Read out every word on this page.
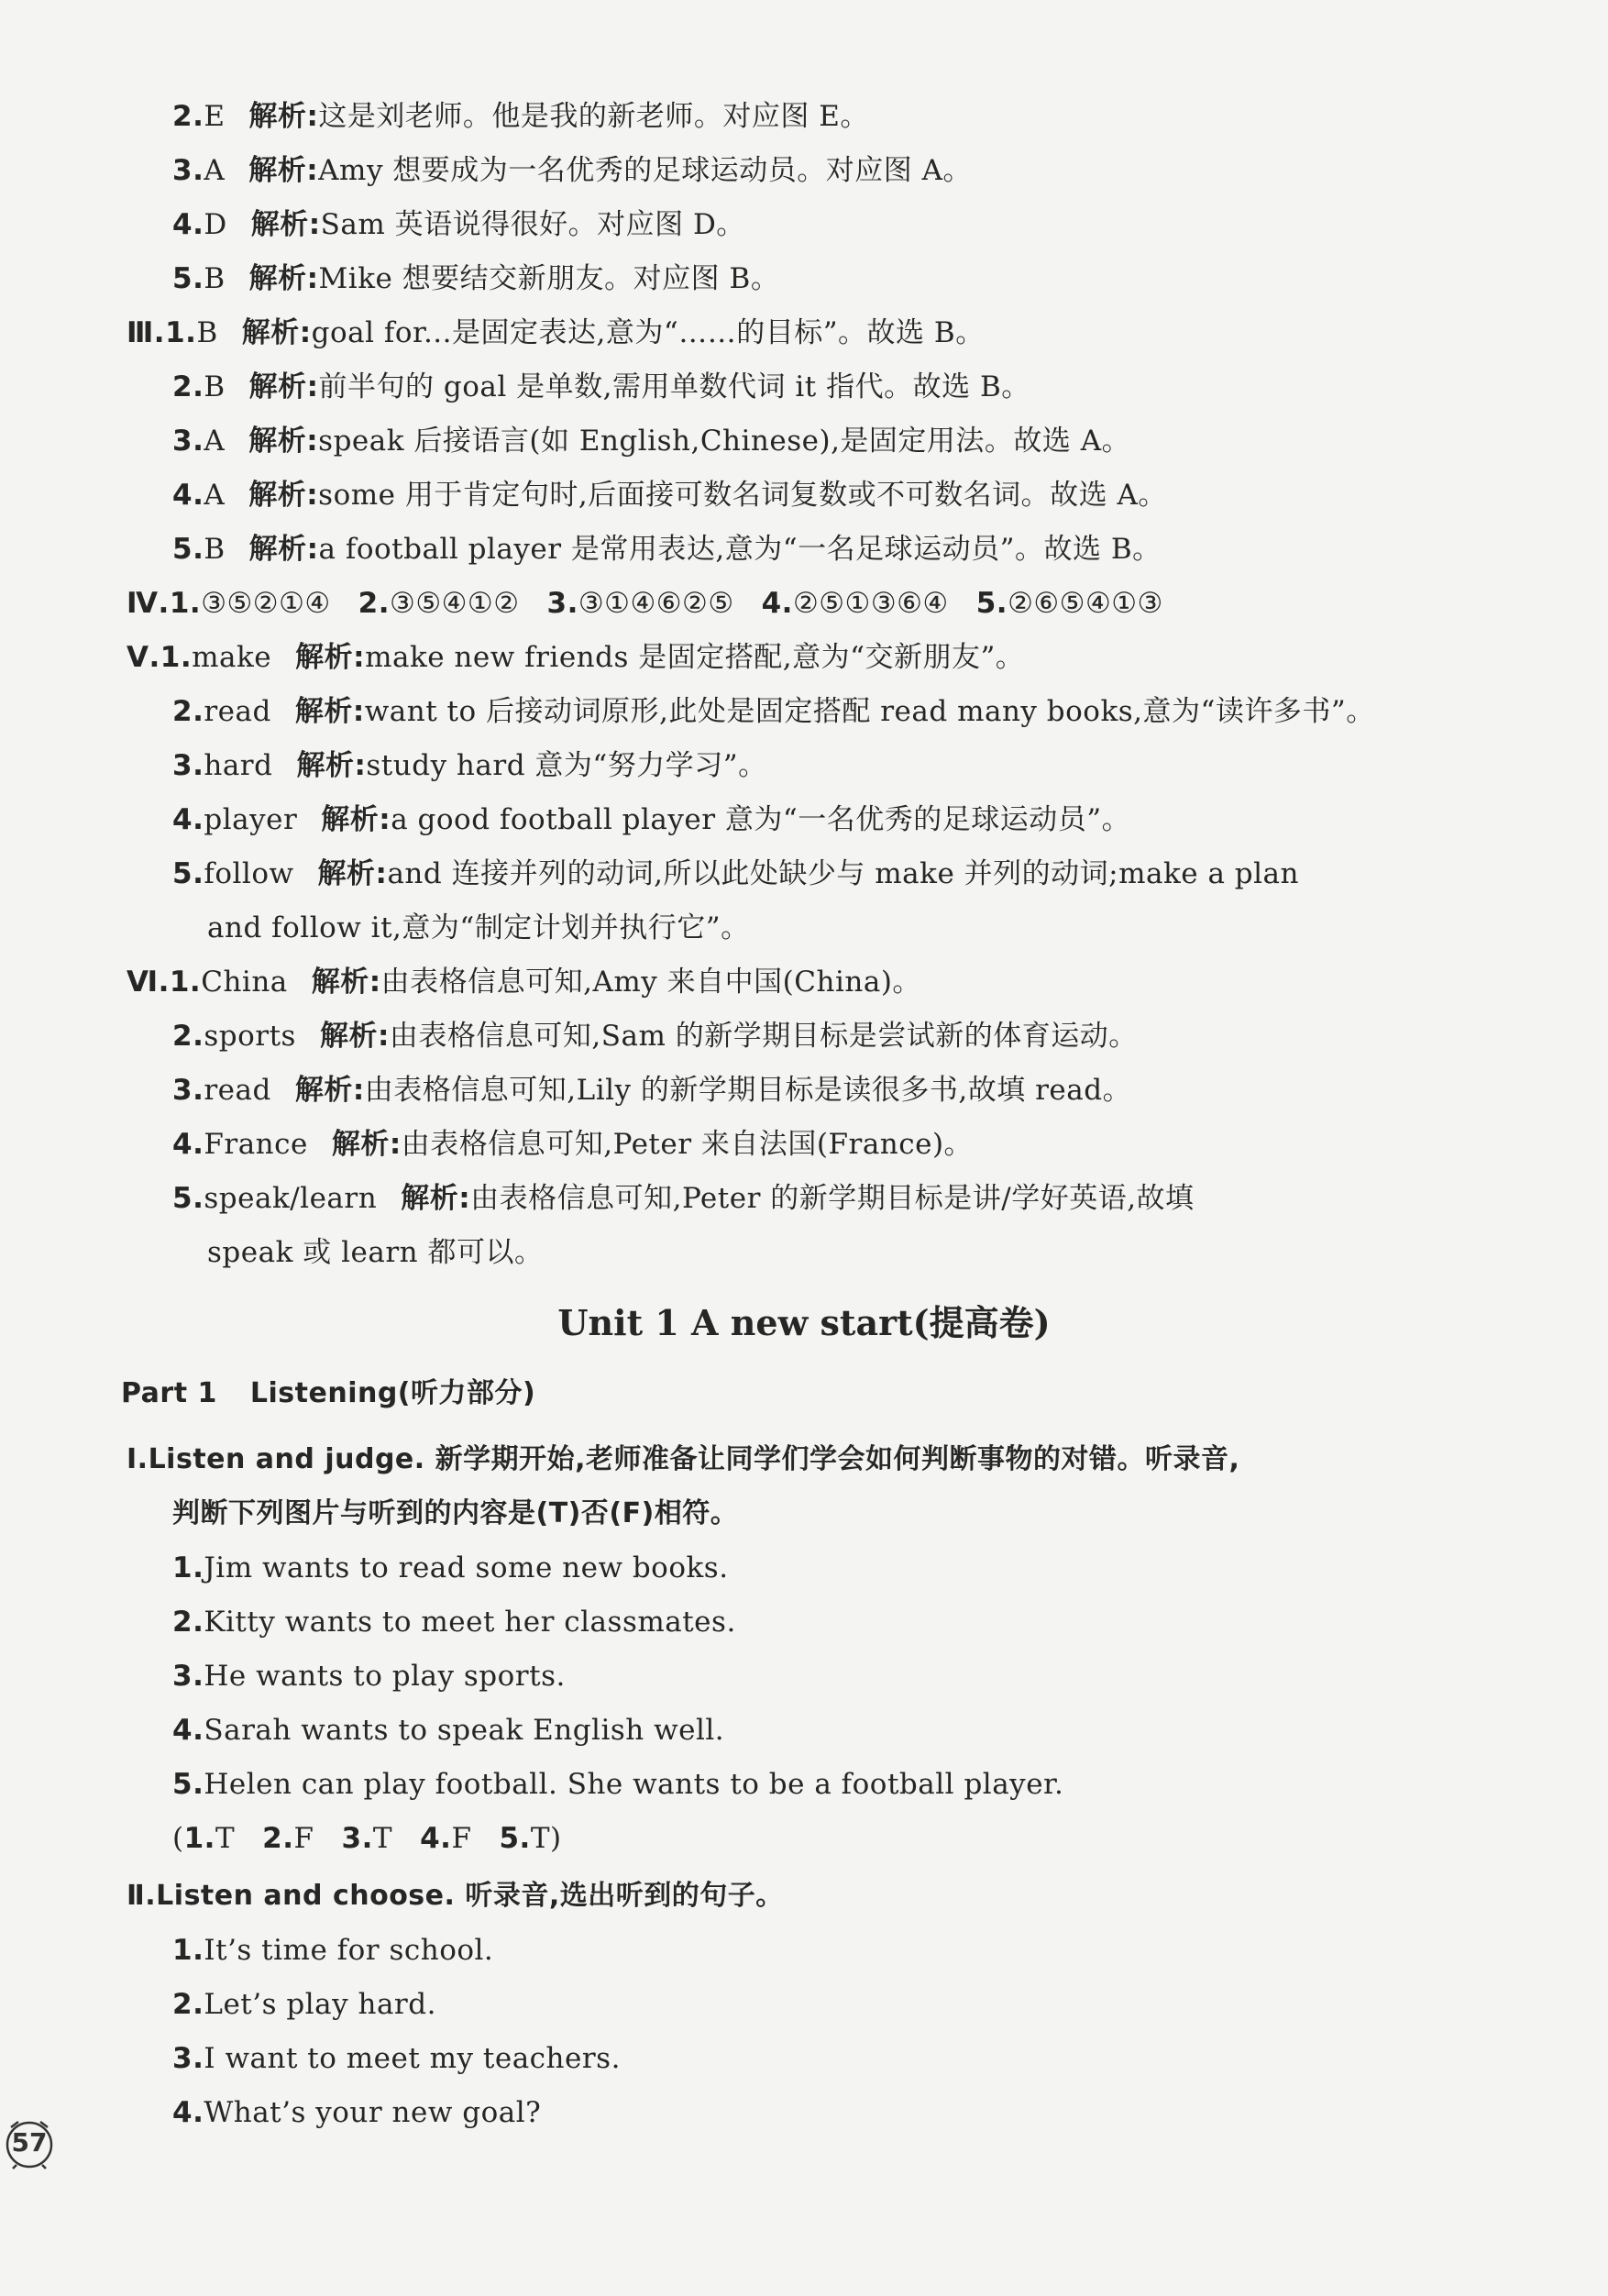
2.E 解析:这是刘老师。他是我的新老师。对应图 E。
3.A 解析:Amy 想要成为一名优秀的足球运动员。对应图 A。
4.D 解析:Sam 英语说得很好。对应图 D。
5.B 解析:Mike 想要结交新朋友。对应图 B。
Ⅲ.1.B 解析:goal for...是固定表达,意为“……的目标”。故选 B。
2.B 解析:前半句的 goal 是单数,需用单数代词 it 指代。故选 B。
3.A 解析:speak 后接语言(如 English,Chinese),是固定用法。故选 A。
4.A 解析:some 用于肯定句时,后面接可数名词复数或不可数名词。故选 A。
5.B 解析:a football player 是常用表达,意为“一名足球运动员”。故选 B。
Ⅳ.1.③⑤②①④ 2.③⑤④①② 3.③①④⑥②⑤ 4.②⑤①③⑥④ 5.②⑥⑤④①③
Ⅴ.1.make 解析:make new friends 是固定搭配,意为“交新朋友”。
2.read 解析:want to 后接动词原形,此处是固定搭配 read many books,意为“读许多书”。
3.hard 解析:study hard 意为“努力学习”。
4.player 解析:a good football player 意为“一名优秀的足球运动员”。
5.follow 解析:and 连接并列的动词,所以此处缺少与 make 并列的动词;make a plan
and follow it,意为“制定计划并执行它”。
Ⅵ.1.China 解析:由表格信息可知,Amy 来自中国(China)。
2.sports 解析:由表格信息可知,Sam 的新学期目标是尝试新的体育运动。
3.read 解析:由表格信息可知,Lily 的新学期目标是读很多书,故填 read。
4.France 解析:由表格信息可知,Peter 来自法国(France)。
5.speak/learn 解析:由表格信息可知,Peter 的新学期目标是讲/学好英语,故填
speak 或 learn 都可以。
Unit 1 A new start(提高卷)
Part 1 Listening(听力部分)
Ⅰ.Listen and judge. 新学期开始,老师准备让同学们学会如何判断事物的对错。听录音,
判断下列图片与听到的内容是(T)否(F)相符。
1.Jim wants to read some new books.
2.Kitty wants to meet her classmates.
3.He wants to play sports.
4.Sarah wants to speak English well.
5.Helen can play football. She wants to be a football player.
(1.T 2.F 3.T 4.F 5.T)
Ⅱ.Listen and choose. 听录音,选出听到的句子。
1.It’s time for school.
2.Let’s play hard.
3.I want to meet my teachers.
4.What’s your new goal?
57
